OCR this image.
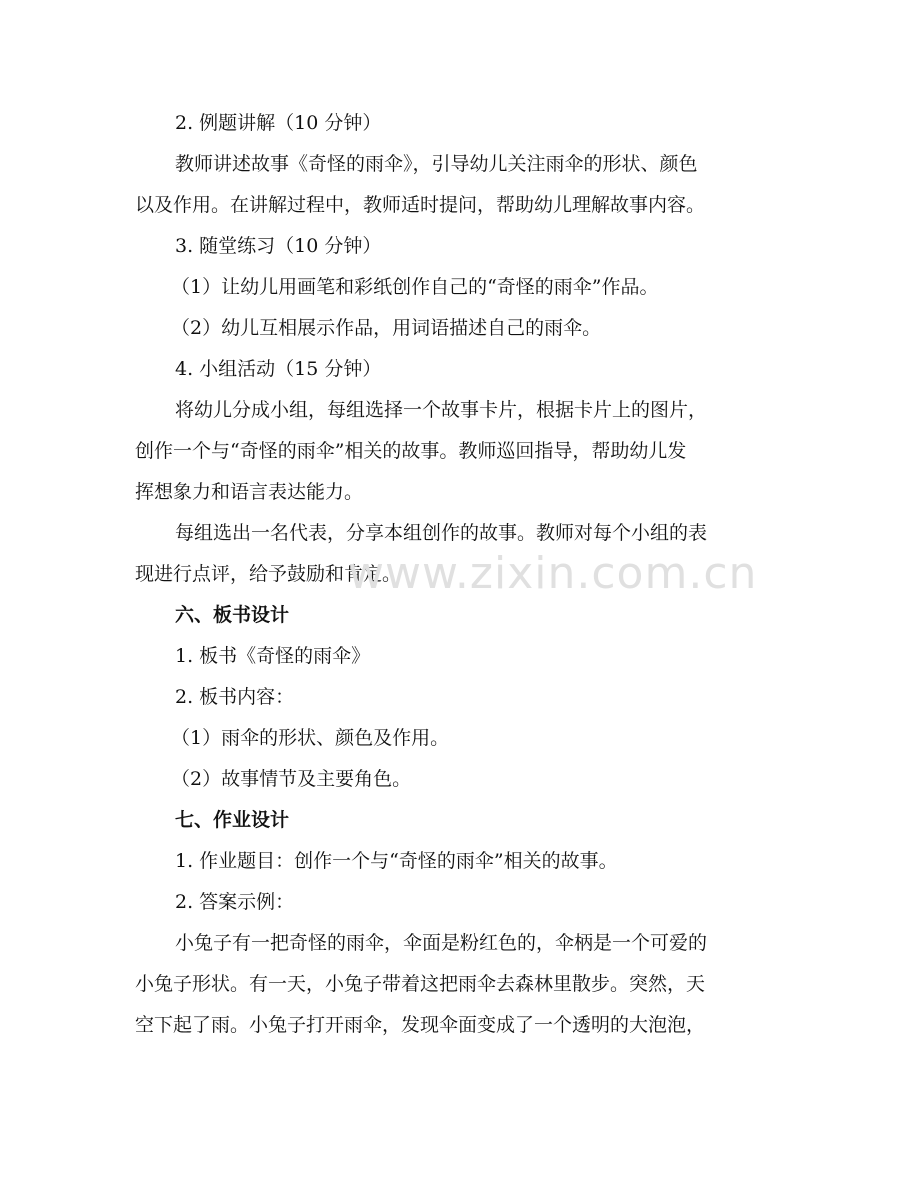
2. 例题讲解（10 分钟）
教师讲述故事《奇怪的雨伞》，引导幼儿关注雨伞的形状、颜色
以及作用。在讲解过程中，教师适时提问，帮助幼儿理解故事内容。
3. 随堂练习（10 分钟）
（1）让幼儿用画笔和彩纸创作自己的“奇怪的雨伞”作品。
（2）幼儿互相展示作品，用词语描述自己的雨伞。
4. 小组活动（15 分钟）
将幼儿分成小组，每组选择一个故事卡片，根据卡片上的图片，
创作一个与“奇怪的雨伞”相关的故事。教师巡回指导，帮助幼儿发
挥想象力和语言表达能力。
每组选出一名代表，分享本组创作的故事。教师对每个小组的表
现进行点评，给予鼓励和肯定。
六、板书设计
1. 板书《奇怪的雨伞》
2. 板书内容：
（1）雨伞的形状、颜色及作用。
（2）故事情节及主要角色。
七、作业设计
1. 作业题目：创作一个与“奇怪的雨伞”相关的故事。
2. 答案示例：
小兔子有一把奇怪的雨伞，伞面是粉红色的，伞柄是一个可爱的
小兔子形状。有一天，小兔子带着这把雨伞去森林里散步。突然，天
空下起了雨。小兔子打开雨伞，发现伞面变成了一个透明的大泡泡，
www.zixin.com.cn
